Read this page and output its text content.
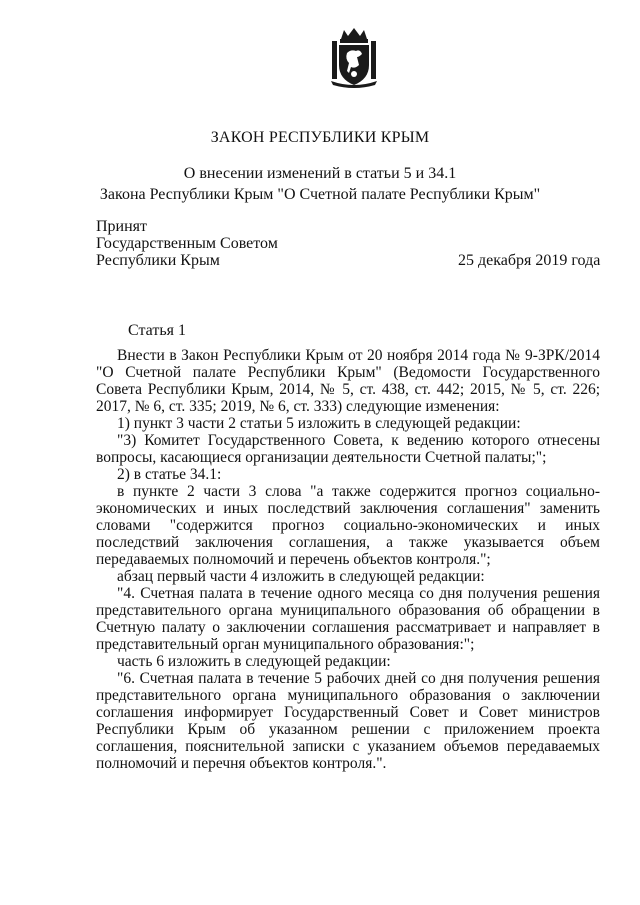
ЗАКОН РЕСПУБЛИКИ КРЫМ
О внесении изменений в статьи 5 и 34.1
Закона Республики Крым "О Счетной палате Республики Крым"
Принят
Государственным Советом
Республики Крым	25 декабря 2019 года
Статья 1

Внести в Закон Республики Крым от 20 ноября 2014 года № 9-ЗРК/2014 "О Счетной палате Республики Крым" (Ведомости Государственного Совета Республики Крым, 2014, № 5, ст. 438, ст. 442; 2015, № 5, ст. 226; 2017, № 6, ст. 335; 2019, № 6, ст. 333) следующие изменения:

1) пункт 3 части 2 статьи 5 изложить в следующей редакции:

"3) Комитет Государственного Совета, к ведению которого отнесены вопросы, касающиеся организации деятельности Счетной палаты;";

2) в статье 34.1:

в пункте 2 части 3 слова "а также содержится прогноз социально-экономических и иных последствий заключения соглашения" заменить словами "содержится прогноз социально-экономических и иных последствий заключения соглашения, а также указывается объем передаваемых полномочий и перечень объектов контроля.";

абзац первый части 4 изложить в следующей редакции:

"4. Счетная палата в течение одного месяца со дня получения решения представительного органа муниципального образования об обращении в Счетную палату о заключении соглашения рассматривает и направляет в представительный орган муниципального образования:";

часть 6 изложить в следующей редакции:

"6. Счетная палата в течение 5 рабочих дней со дня получения решения представительного органа муниципального образования о заключении соглашения информирует Государственный Совет и Совет министров Республики Крым об указанном решении с приложением проекта соглашения, пояснительной записки с указанием объемов передаваемых полномочий и перечня объектов контроля.".
